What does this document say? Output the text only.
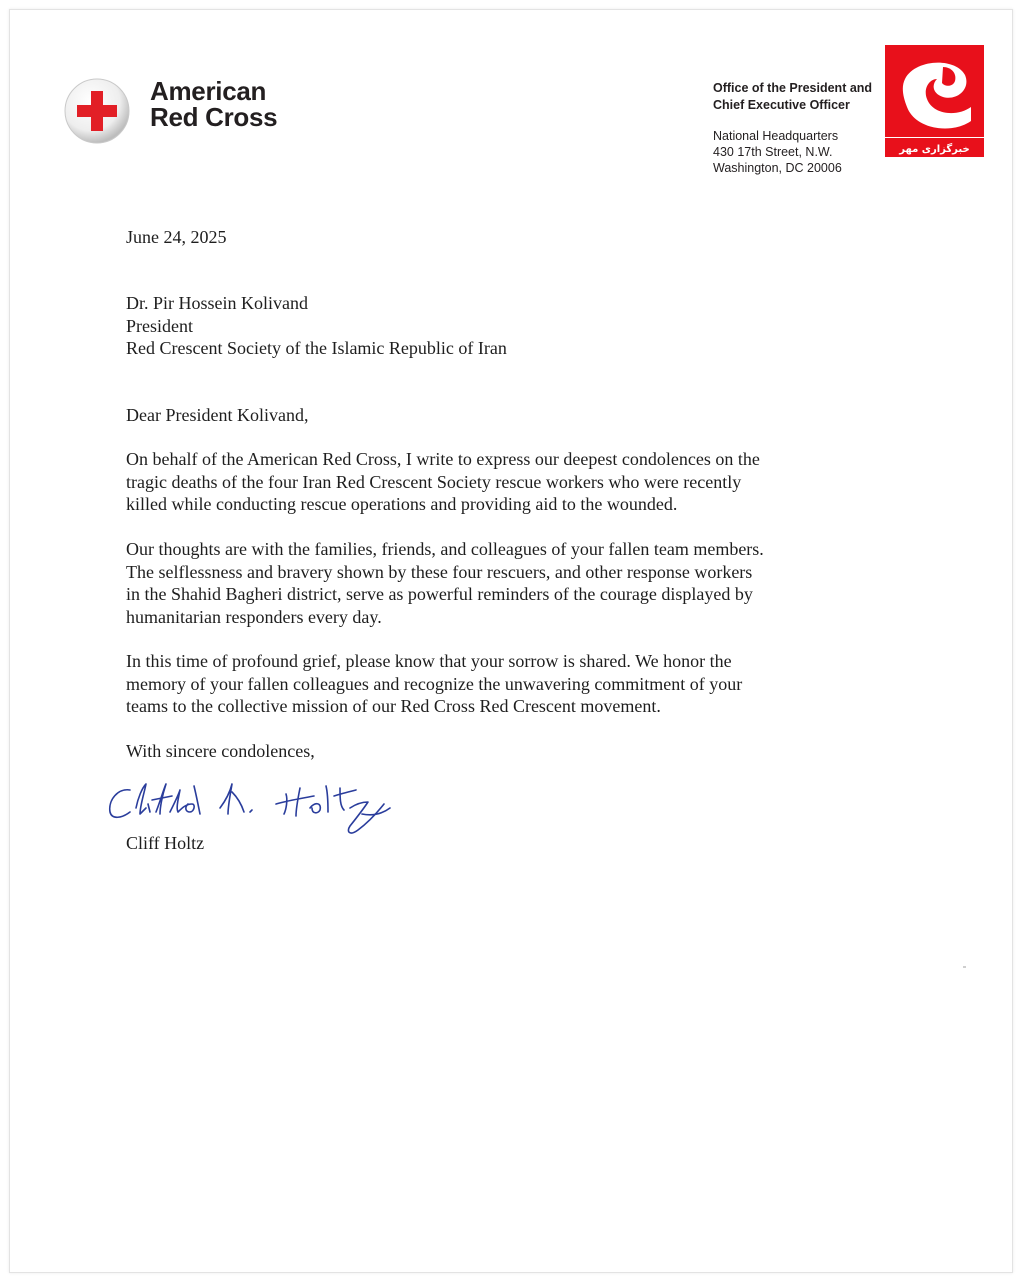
American
Red Cross
Office of the President and
Chief Executive Officer
National Headquarters
430 17th Street, N.W.
Washington, DC 20006
خبرگزاری مهر
June 24, 2025
Dr. Pir Hossein Kolivand
President
Red Crescent Society of the Islamic Republic of Iran
Dear President Kolivand,
On behalf of the American Red Cross, I write to express our deepest condolences on the
tragic deaths of the four Iran Red Crescent Society rescue workers who were recently
killed while conducting rescue operations and providing aid to the wounded.
Our thoughts are with the families, friends, and colleagues of your fallen team members.
The selflessness and bravery shown by these four rescuers, and other response workers
in the Shahid Bagheri district, serve as powerful reminders of the courage displayed by
humanitarian responders every day.
In this time of profound grief, please know that your sorrow is shared. We honor the
memory of your fallen colleagues and recognize the unwavering commitment of your
teams to the collective mission of our Red Cross Red Crescent movement.
With sincere condolences,
Cliff Holtz
